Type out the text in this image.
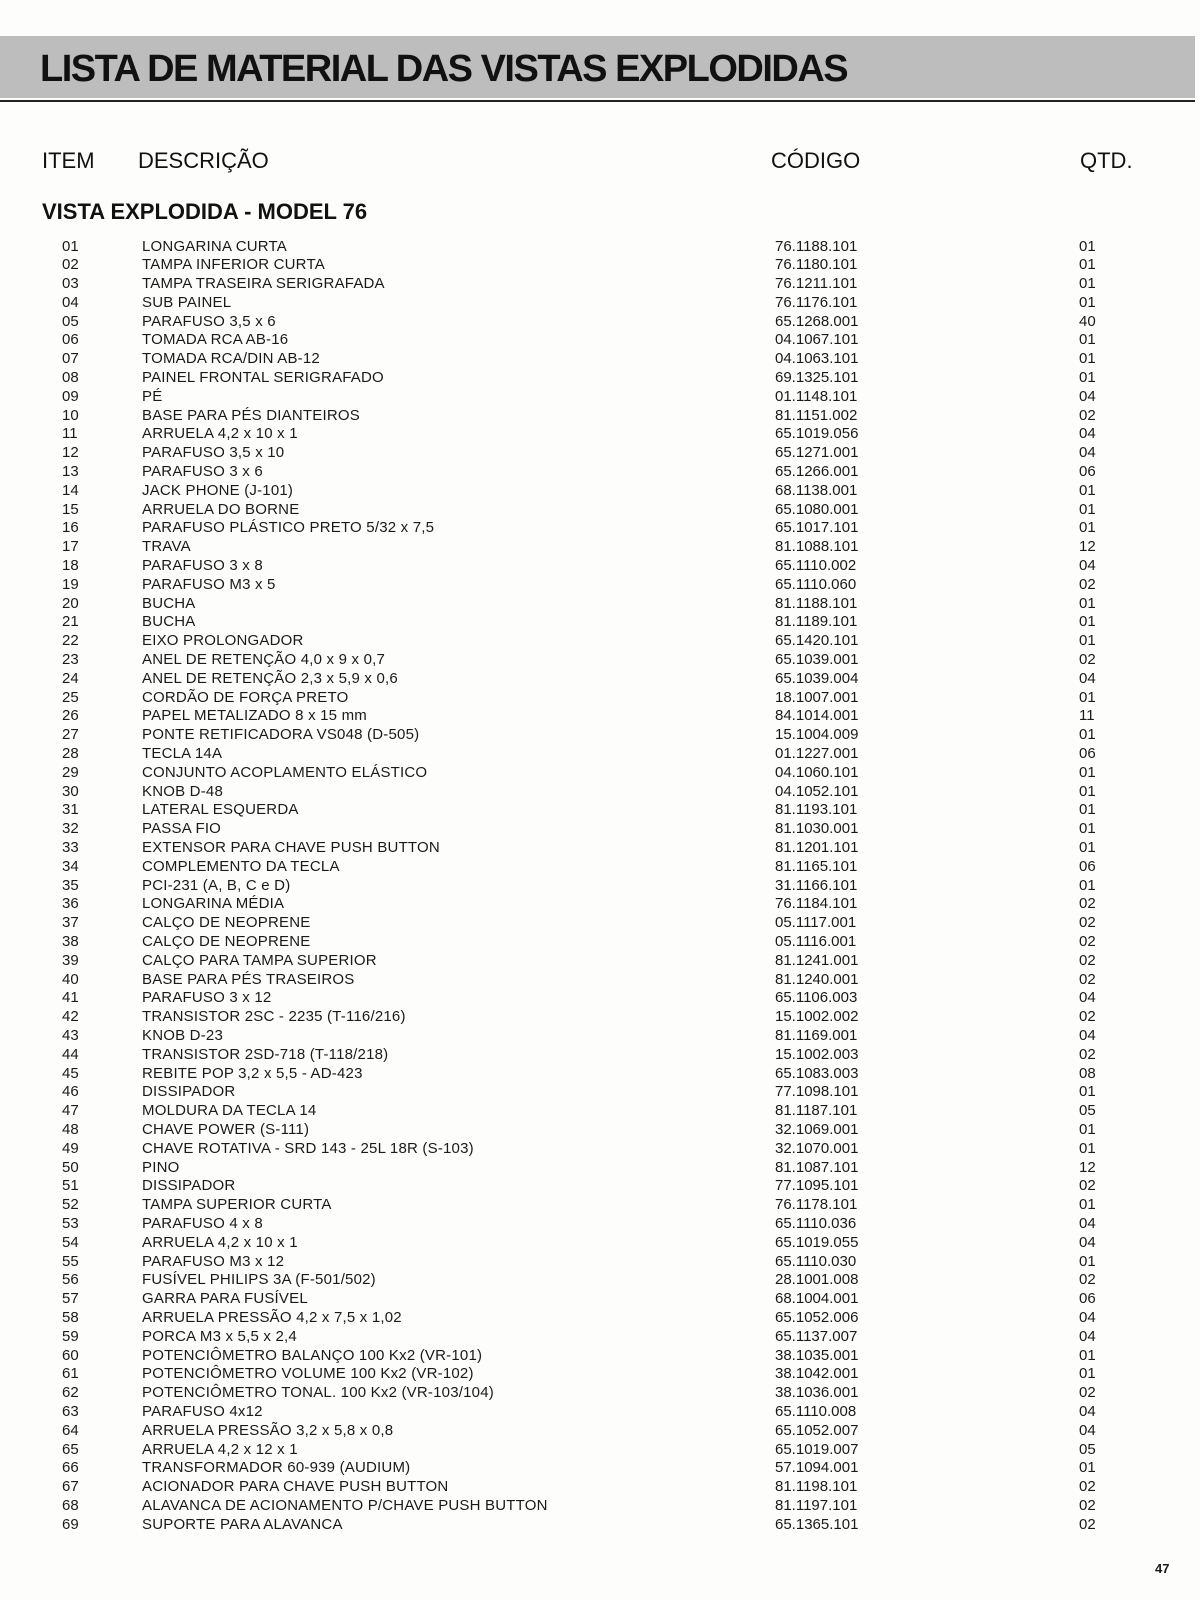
LISTA DE MATERIAL DAS VISTAS EXPLODIDAS
ITEM DESCRIÇÃO	CÓDIGO	QTD.
VISTA EXPLODIDA - MODEL 76
01	LONGARINA CURTA	76.1188.101	01
02	TAMPA INFERIOR CURTA	76.1180.101	01
03	TAMPA TRASEIRA SERIGRAFADA	76.1211.101	01
04	SUB PAINEL	76.1176.101	01
05	PARAFUSO 3,5 x 6	65.1268.001	40
06	TOMADA RCA AB-16	04.1067.101	01
07	TOMADA RCA/DIN AB-12	04.1063.101	01
08	PAINEL FRONTAL SERIGRAFADO	69.1325.101	01
09	PÉ	01.1148.101	04
10	BASE PARA PÉS DIANTEIROS	81.1151.002	02
11	ARRUELA 4,2 x 10 x 1	65.1019.056	04
12	PARAFUSO 3,5 x 10	65.1271.001	04
13	PARAFUSO 3 x 6	65.1266.001	06
14	JACK PHONE (J-101)	68.1138.001	01
15	ARRUELA DO BORNE	65.1080.001	01
16	PARAFUSO PLÁSTICO PRETO 5/32 x 7,5	65.1017.101	01
17	TRAVA	81.1088.101	12
18	PARAFUSO 3 x 8	65.1110.002	04
19	PARAFUSO M3 x 5	65.1110.060	02
20	BUCHA	81.1188.101	01
21	BUCHA	81.1189.101	01
22	EIXO PROLONGADOR	65.1420.101	01
23	ANEL DE RETENÇÃO 4,0 x 9 x 0,7	65.1039.001	02
24	ANEL DE RETENÇÃO 2,3 x 5,9 x 0,6	65.1039.004	04
25	CORDÃO DE FORÇA PRETO	18.1007.001	01
26	PAPEL METALIZADO 8 x 15 mm	84.1014.001	11
27	PONTE RETIFICADORA VS048 (D-505)	15.1004.009	01
28	TECLA 14A	01.1227.001	06
29	CONJUNTO ACOPLAMENTO ELÁSTICO	04.1060.101	01
30	KNOB D-48	04.1052.101	01
31	LATERAL ESQUERDA	81.1193.101	01
32	PASSA FIO	81.1030.001	01
33	EXTENSOR PARA CHAVE PUSH BUTTON	81.1201.101	01
34	COMPLEMENTO DA TECLA	81.1165.101	06
35	PCI-231 (A, B, C e D)	31.1166.101	01
36	LONGARINA MÉDIA	76.1184.101	02
37	CALÇO DE NEOPRENE	05.1117.001	02
38	CALÇO DE NEOPRENE	05.1116.001	02
39	CALÇO PARA TAMPA SUPERIOR	81.1241.001	02
40	BASE PARA PÉS TRASEIROS	81.1240.001	02
41	PARAFUSO 3 x 12	65.1106.003	04
42	TRANSISTOR 2SC - 2235 (T-116/216)	15.1002.002	02
43	KNOB D-23	81.1169.001	04
44	TRANSISTOR 2SD-718 (T-118/218)	15.1002.003	02
45	REBITE POP 3,2 x 5,5 - AD-423	65.1083.003	08
46	DISSIPADOR	77.1098.101	01
47	MOLDURA DA TECLA 14	81.1187.101	05
48	CHAVE POWER (S-111)	32.1069.001	01
49	CHAVE ROTATIVA - SRD 143 - 25L 18R (S-103)	32.1070.001	01
50	PINO	81.1087.101	12
51	DISSIPADOR	77.1095.101	02
52	TAMPA SUPERIOR CURTA	76.1178.101	01
53	PARAFUSO 4 x 8	65.1110.036	04
54	ARRUELA 4,2 x 10 x 1	65.1019.055	04
55	PARAFUSO M3 x 12	65.1110.030	01
56	FUSÍVEL PHILIPS 3A (F-501/502)	28.1001.008	02
57	GARRA PARA FUSÍVEL	68.1004.001	06
58	ARRUELA PRESSÃO 4,2 x 7,5 x 1,02	65.1052.006	04
59	PORCA M3 x 5,5 x 2,4	65.1137.007	04
60	POTENCIÔMETRO BALANÇO 100 Kx2 (VR-101)	38.1035.001	01
61	POTENCIÔMETRO VOLUME 100 Kx2 (VR-102)	38.1042.001	01
62	POTENCIÔMETRO TONAL. 100 Kx2 (VR-103/104)	38.1036.001	02
63	PARAFUSO 4x12	65.1110.008	04
64	ARRUELA PRESSÃO 3,2 x 5,8 x 0,8	65.1052.007	04
65	ARRUELA 4,2 x 12 x 1	65.1019.007	05
66	TRANSFORMADOR 60-939 (AUDIUM)	57.1094.001	01
67	ACIONADOR PARA CHAVE PUSH BUTTON	81.1198.101	02
68	ALAVANCA DE ACIONAMENTO P/CHAVE PUSH BUTTON	81.1197.101	02
69	SUPORTE PARA ALAVANCA	65.1365.101	02
47
